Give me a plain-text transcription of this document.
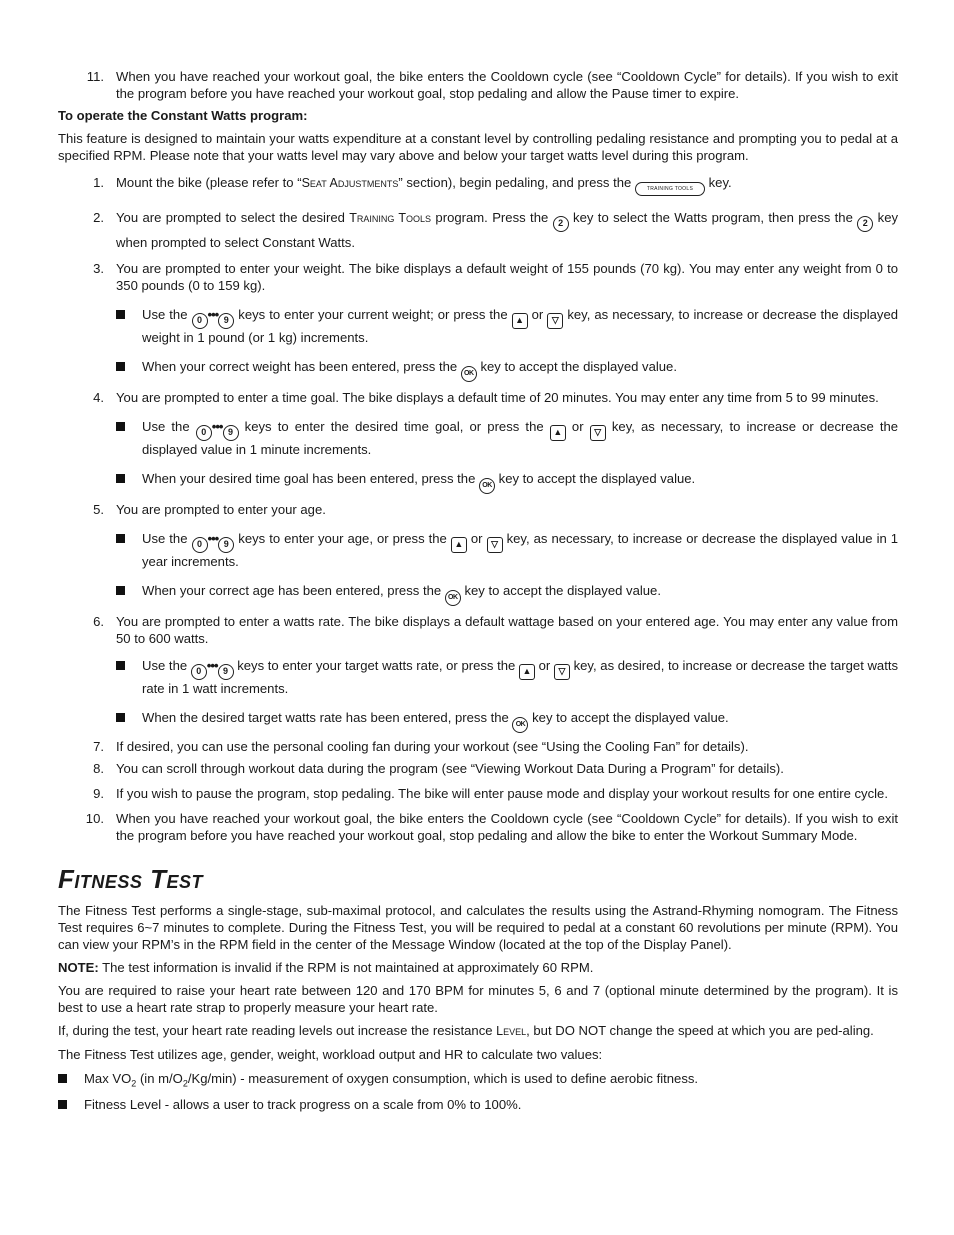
11. When you have reached your workout goal, the bike enters the Cooldown cycle (see “Cooldown Cycle” for details). If you wish to exit the program before you have reached your workout goal, stop pedaling and allow the Pause timer to expire.
To operate the Constant Watts program:
This feature is designed to maintain your watts expenditure at a constant level by controlling pedaling resistance and prompting you to pedal at a specified RPM. Please note that your watts level may vary above and below your target watts level during this program.
1. Mount the bike (please refer to “Seat Adjustments” section), begin pedaling, and press the	TRAINING TOOLS key.
2. You are prompted to select the desired Training Tools program. Press the 2 key to select the Watts program, then press the 2 key when prompted to select Constant Watts.
3. You are prompted to enter your weight. The bike displays a default weight of 155 pounds (70 kg). You may enter any weight from 0 to 350 pounds (0 to 159 kg).
Use the 0 ••• 9 keys to enter your current weight; or press the ▲ or ▽ key, as necessary, to increase or decrease the displayed weight in 1 pound (or 1 kg) increments.
When your correct weight has been entered, press the OK key to accept the displayed value.
4. You are prompted to enter a time goal. The bike displays a default time of 20 minutes. You may enter any time from 5 to 99 minutes.
Use the 0 ••• 9 keys to enter the desired time goal, or press the ▲ or ▽ key, as necessary, to increase or decrease the displayed value in 1 minute increments.
When your desired time goal has been entered, press the OK key to accept the displayed value.
5. You are prompted to enter your age.
Use the 0 ••• 9 keys to enter your age, or press the ▲ or ▽ key, as necessary, to increase or decrease the displayed value in 1 year increments.
When your correct age has been entered, press the OK key to accept the displayed value.
6. You are prompted to enter a watts rate. The bike displays a default wattage based on your entered age. You may enter any value from 50 to 600 watts.
Use the 0 ••• 9 keys to enter your target watts rate, or press the ▲ or ▽ key, as desired, to increase or decrease the target watts rate in 1 watt increments.
When the desired target watts rate has been entered, press the OK key to accept the displayed value.
7. If desired, you can use the personal cooling fan during your workout (see “Using the Cooling Fan” for details).
8. You can scroll through workout data during the program (see “Viewing Workout Data During a Program” for details).
9. If you wish to pause the program, stop pedaling. The bike will enter pause mode and display your workout results for one entire cycle.
10. When you have reached your workout goal, the bike enters the Cooldown cycle (see “Cooldown Cycle” for details). If you wish to exit the program before you have reached your workout goal, stop pedaling and allow the bike to enter the Workout Summary Mode.
Fitness Test
The Fitness Test performs a single-stage, sub-maximal protocol, and calculates the results using the Astrand-Rhyming nomogram. The Fitness Test requires 6~7 minutes to complete. During the Fitness Test, you will be required to pedal at a constant 60 revolutions per minute (RPM). You can view your RPM’s in the RPM field in the center of the Message Window (located at the top of the Display Panel).
NOTE: The test information is invalid if the RPM is not maintained at approximately 60 RPM.
You are required to raise your heart rate between 120 and 170 BPM for minutes 5, 6 and 7 (optional minute determined by the program). It is best to use a heart rate strap to properly measure your heart rate.
If, during the test, your heart rate reading levels out increase the resistance Level, but DO NOT change the speed at which you are ped-aling.
The Fitness Test utilizes age, gender, weight, workload output and HR to calculate two values:
Max $VO_2$ (in $m/O_2/Kg/\min$) - measurement of oxygen consumption, which is used to define aerobic fitness.
Fitness Level - allows a user to track progress on a scale from 0% to 100%.
